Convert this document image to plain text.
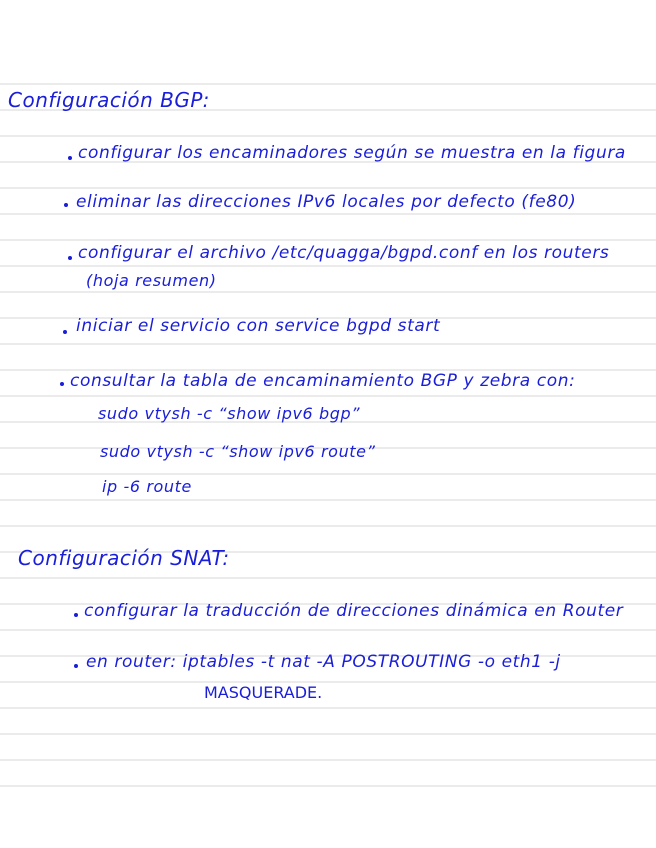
Configuración BGP:
configurar los encaminadores según se muestra en la figura
eliminar las direcciones IPv6 locales por defecto (fe80)
configurar el archivo /etc/quagga/bgpd.conf en los routers
(hoja resumen)
iniciar el servicio con service bgpd start
consultar la tabla de encaminamiento BGP y zebra con:
sudo vtysh -c “show ipv6 bgp”
sudo vtysh -c “show ipv6 route”
ip -6 route
Configuración SNAT:
configurar la traducción de direcciones dinámica en Router
en router: iptables -t nat -A POSTROUTING -o eth1 -j
MASQUERADE.
